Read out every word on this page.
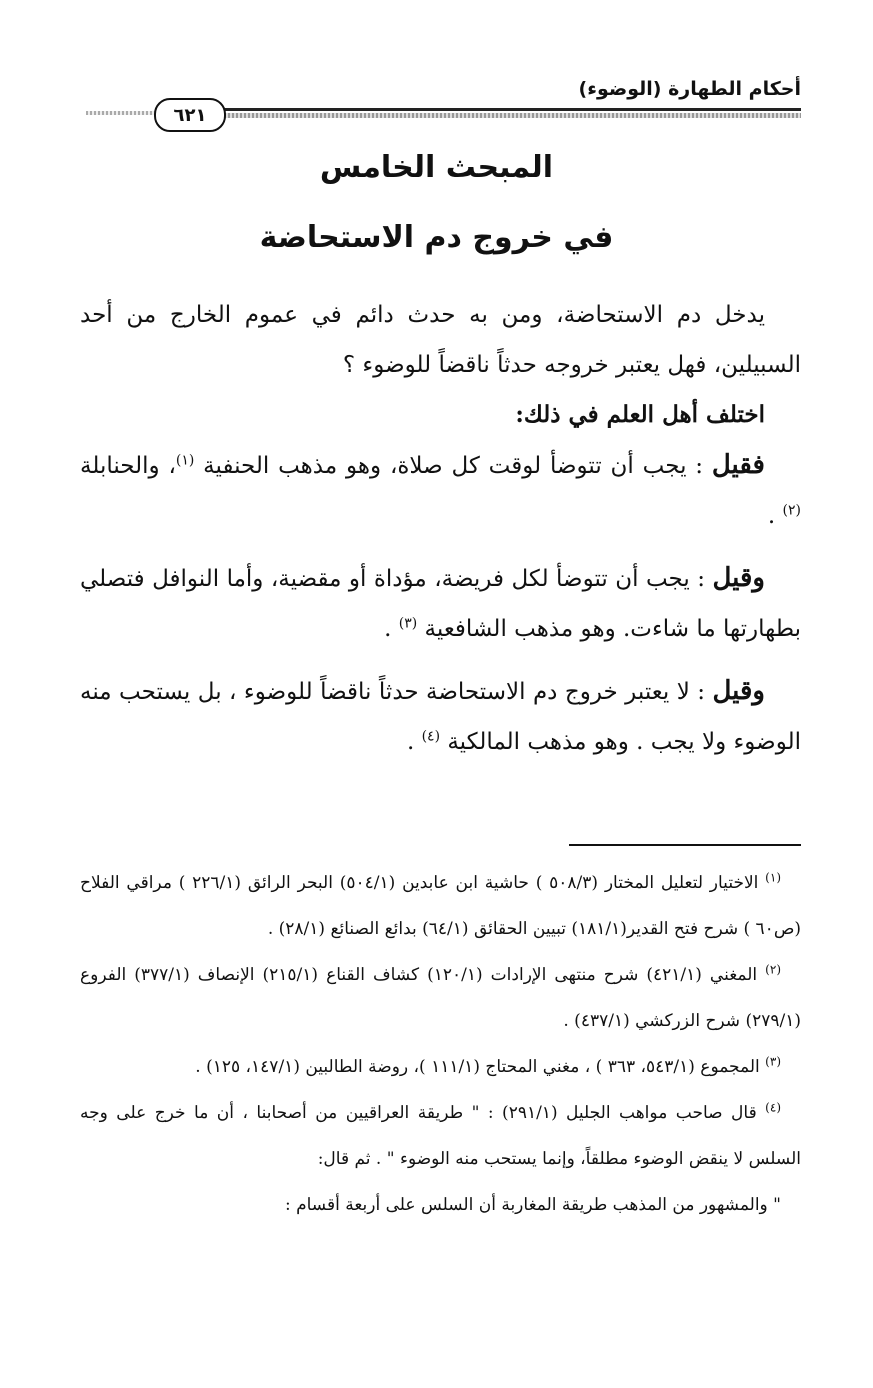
أحكام الطهارة (الوضوء)
٦٢١
المبحث الخامس
في خروج دم الاستحاضة

يدخل دم الاستحاضة، ومن به حدث دائم في عموم الخارج من أحد السبيلين، فهل يعتبر خروجه حدثاً ناقضاً للوضوء ؟

اختلف أهل العلم في ذلك:

فقيل : يجب أن تتوضأ لوقت كل صلاة، وهو مذهب الحنفية $^{(١)}$، والحنابلة $^{(٢)}$ .

وقيل : يجب أن تتوضأ لكل فريضة، مؤداة أو مقضية، وأما النوافل فتصلي بطهارتها ما شاءت. وهو مذهب الشافعية $^{(٣)}$ .

وقيل : لا يعتبر خروج دم الاستحاضة حدثاً ناقضاً للوضوء ، بل يستحب منه الوضوء ولا يجب . وهو مذهب المالكية $^{(٤)}$ .

$^{(١)}$ الاختيار لتعليل المختار (٥٠٨/٣ ) حاشية ابن عابدين (٥٠٤/١) البحر الرائق (٢٢٦/١ ) مراقي الفلاح (ص٦٠ ) شرح فتح القدير(١٨١/١) تبيين الحقائق (٦٤/١) بدائع الصنائع (٢٨/١) .

$^{(٢)}$ المغني (٤٢١/١) شرح منتهى الإرادات (١٢٠/١) كشاف القناع (٢١٥/١) الإنصاف (٣٧٧/١) الفروع (٢٧٩/١) شرح الزركشي (٤٣٧/١) .

$^{(٣)}$ المجموع (٥٤٣/١، ٣٦٣ ) ، مغني المحتاج (١١١/١ )، روضة الطالبين (١٤٧/١، ١٢٥) .

$^{(٤)}$ قال صاحب مواهب الجليل (٢٩١/١) : " طريقة العراقيين من أصحابنا ، أن ما خرج على وجه السلس لا ينقض الوضوء مطلقاً، وإنما يستحب منه الوضوء " . ثم قال:

" والمشهور من المذهب طريقة المغاربة أن السلس على أربعة أقسام :
